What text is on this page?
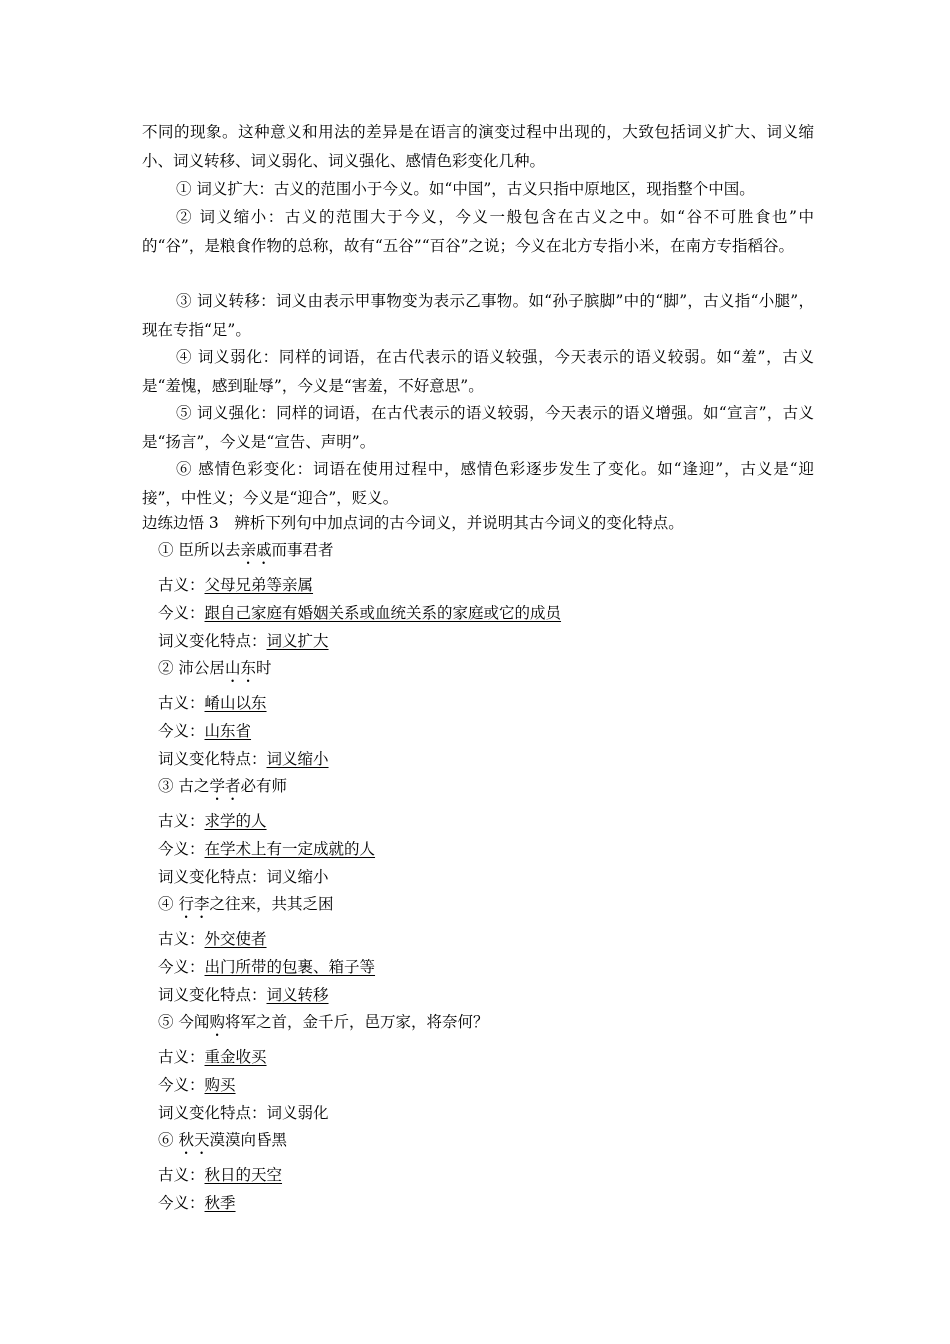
不同的现象。这种意义和用法的差异是在语言的演变过程中出现的，大致包括词义扩大、词义缩小、词义转移、词义弱化、词义强化、感情色彩变化几种。

① 词义扩大：古义的范围小于今义。如“中国”，古义只指中原地区，现指整个中国。

② 词义缩小：古义的范围大于今义，今义一般包含在古义之中。如“谷不可胜食也”中的“谷”，是粮食作物的总称，故有“五谷”“百谷”之说；今义在北方专指小米，在南方专指稻谷。

③ 词义转移：词义由表示甲事物变为表示乙事物。如“孙子膑脚”中的“脚”，古义指“小腿”，现在专指“足”。

④ 词义弱化：同样的词语，在古代表示的语义较强，今天表示的语义较弱。如“羞”，古义是“羞愧，感到耻辱”，今义是“害羞，不好意思”。

⑤ 词义强化：同样的词语，在古代表示的语义较弱，今天表示的语义增强。如“宣言”，古义是“扬言”，今义是“宣告、声明”。

⑥ 感情色彩变化：词语在使用过程中，感情色彩逐步发生了变化。如“逢迎”，古义是“迎接”，中性义；今义是“迎合”，贬义。

边练边悟 3　辨析下列句中加点词的古今词义，并说明其古今词义的变化特点。
① 臣所以去亲戚而事君者
古义：父母兄弟等亲属
今义：跟自己家庭有婚姻关系或血统关系的家庭或它的成员
词义变化特点：词义扩大
② 沛公居山东时
古义：崤山以东
今义：山东省
词义变化特点：词义缩小
③ 古之学者必有师
古义：求学的人
今义：在学术上有一定成就的人
词义变化特点：词义缩小
④ 行李之往来，共其乏困
古义：外交使者
今义：出门所带的包裹、箱子等
词义变化特点：词义转移
⑤ 今闻购将军之首，金千斤，邑万家，将奈何？
古义：重金收买
今义：购买
词义变化特点：词义弱化
⑥ 秋天漠漠向昏黑
古义：秋日的天空
今义：秋季
